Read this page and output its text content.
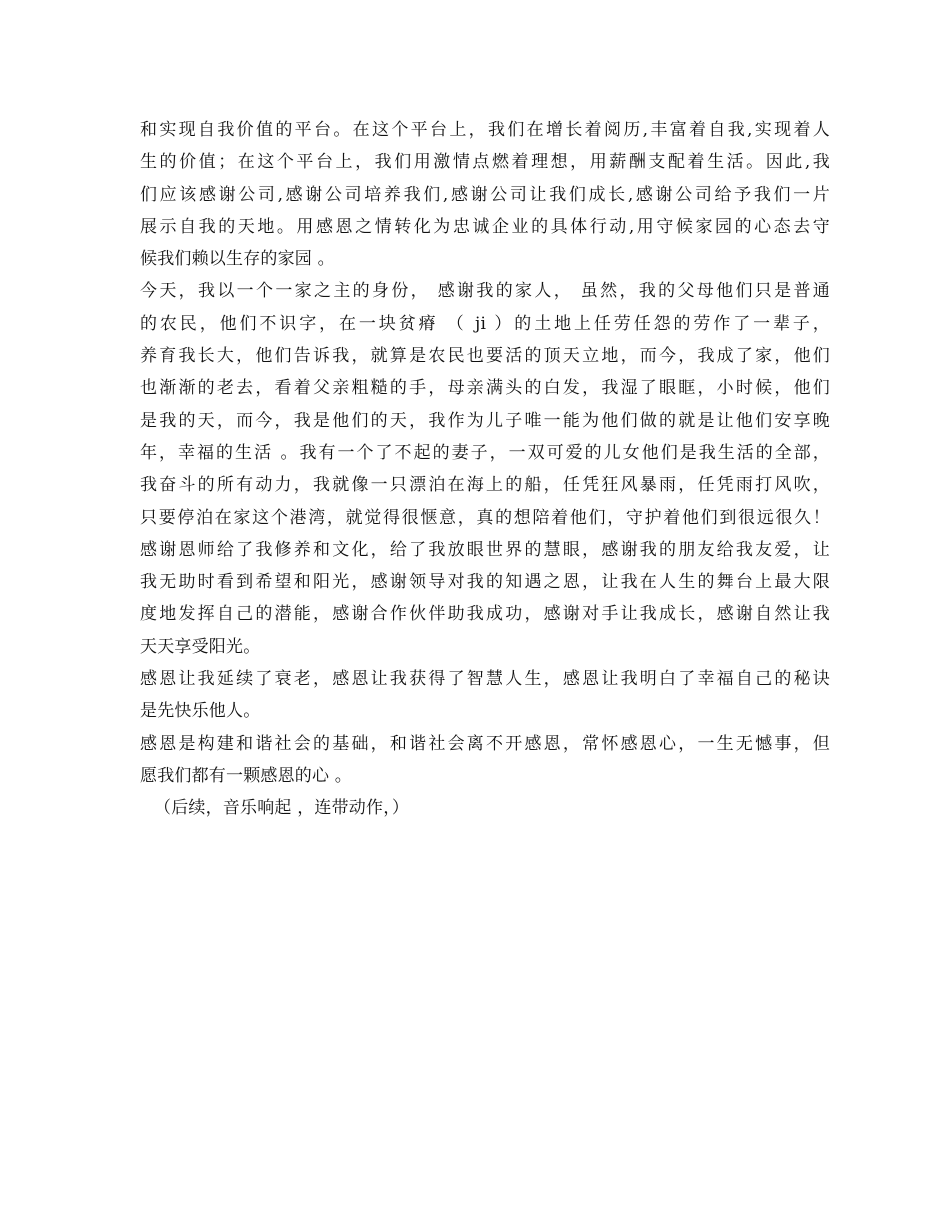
和实现自我价值的平台。在这个平台上，我们在增长着阅历,丰富着自我,实现着人
生的价值；在这个平台上，我们用激情点燃着理想，用薪酬支配着生活。因此,我
们应该感谢公司,感谢公司培养我们,感谢公司让我们成长,感谢公司给予我们一片
展示自我的天地。用感恩之情转化为忠诚企业的具体行动,用守候家园的心态去守
候我们赖以生存的家园 。
今天，我以一个一家之主的身份， 感谢我的家人， 虽然，我的父母他们只是普通
的农民，他们不识字，在一块贫瘠 （ ji ）的土地上任劳任怨的劳作了一辈子，
养育我长大，他们告诉我，就算是农民也要活的顶天立地，而今，我成了家，他们
也渐渐的老去，看着父亲粗糙的手，母亲满头的白发，我湿了眼眶，小时候，他们
是我的天，而今，我是他们的天，我作为儿子唯一能为他们做的就是让他们安享晚
年，幸福的生活 。我有一个了不起的妻子，一双可爱的儿女他们是我生活的全部，
我奋斗的所有动力，我就像一只漂泊在海上的船，任凭狂风暴雨，任凭雨打风吹，
只要停泊在家这个港湾，就觉得很惬意，真的想陪着他们，守护着他们到很远很久！
感谢恩师给了我修养和文化，给了我放眼世界的慧眼，感谢我的朋友给我友爱，让
我无助时看到希望和阳光，感谢领导对我的知遇之恩，让我在人生的舞台上最大限
度地发挥自己的潜能，感谢合作伙伴助我成功，感谢对手让我成长，感谢自然让我
天天享受阳光。
感恩让我延续了衰老，感恩让我获得了智慧人生，感恩让我明白了幸福自己的秘诀
是先快乐他人。
感恩是构建和谐社会的基础，和谐社会离不开感恩，常怀感恩心，一生无憾事，但
愿我们都有一颗感恩的心 。
（后续，音乐响起 ，连带动作，）
